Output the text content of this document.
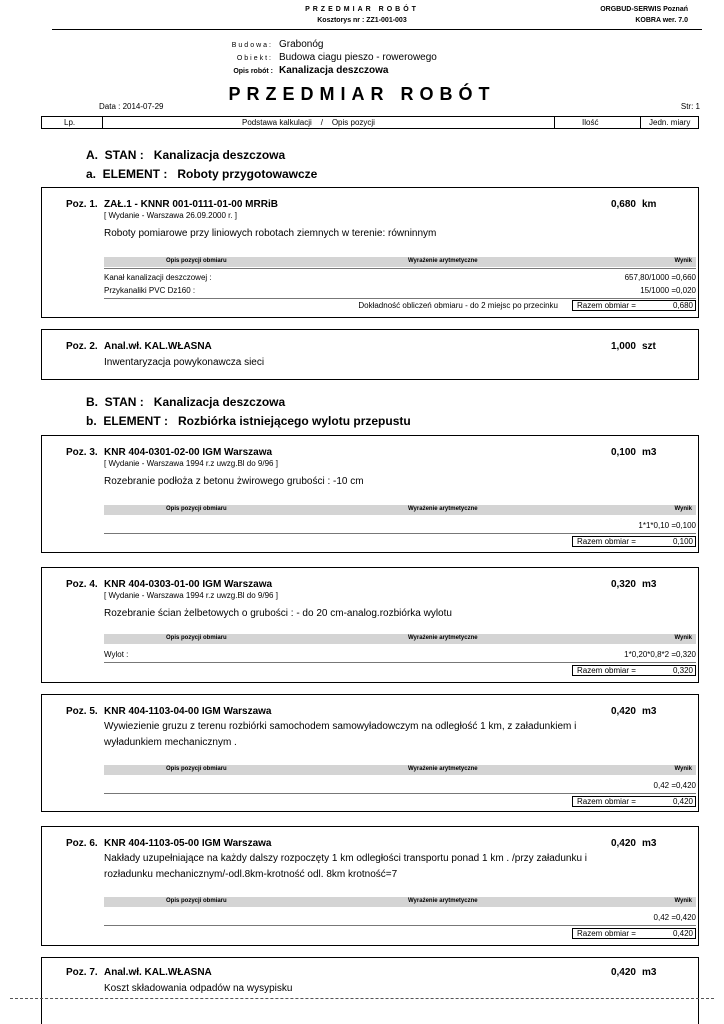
PRZEDMIAR ROBÓT
Kosztorys nr : ZZ1-001-003
ORGBUD-SERWIS Poznań
KOBRA wer. 7.0
Budowa: Grabonóg
Obiekt: Budowa ciagu pieszo - rowerowego
Opis robót : Kanalizacja deszczowa
PRZEDMIAR ROBÓT
Data : 2014-07-29	Str: 1
Lp.	Podstawa kalkulacji    /    Opis pozycji	Ilość	Jedn. miary
A.  STAN :   Kanalizacja deszczowa
a.  ELEMENT :   Roboty przygotowawcze
Poz. 1. ZAŁ.1 - KNNR 001-0111-01-00 MRRiB	0,680 km
[ Wydanie - Warszawa 26.09.2000 r. ]
Roboty pomiarowe przy liniowych robotach ziemnych w terenie: równinnym
Opis pozycji obmiaru	Wyrażenie arytmetyczne	Wynik
Kanał kanalizacji deszczowej :	657,80/1000 = 0,660
Przykanaliki PVC Dz160 :	15/1000 = 0,020
Dokładność obliczeń obmiaru - do 2 miejsc po przecinku Razem obmiar =	0,680
Poz. 2. Anal.wł. KAL.WŁASNA	1,000 szt
Inwentaryzacja powykonawcza sieci
B.  STAN :   Kanalizacja deszczowa
b.  ELEMENT :   Rozbiórka istniejącego wylotu przepustu
Poz. 3. KNR 404-0301-02-00 IGM Warszawa	0,100 m3
[ Wydanie - Warszawa 1994 r.z uwzg.Bl do 9/96 ]
Rozebranie podłoża z betonu żwirowego grubości : -10 cm
Opis pozycji obmiaru	Wyrażenie arytmetyczne	Wynik
1*1*0,10 = 0,100
Razem obmiar =	0,100
Poz. 4. KNR 404-0303-01-00 IGM Warszawa	0,320 m3
[ Wydanie - Warszawa 1994 r.z uwzg.Bl do 9/96 ]
Rozebranie ścian żelbetowych o grubości : - do 20 cm-analog.rozbiórka wylotu
Opis pozycji obmiaru	Wyrażenie arytmetyczne	Wynik
Wylot :	1*0,20*0,8*2 = 0,320
Razem obmiar =	0,320
Poz. 5. KNR 404-1103-04-00 IGM Warszawa	0,420 m3
Wywiezienie gruzu z terenu rozbiórki samochodem samowyładowczym na odległość 1 km, z załadunkiem i
wyładunkiem mechanicznym .
Opis pozycji obmiaru	Wyrażenie arytmetyczne	Wynik
0,42 = 0,420
Razem obmiar =	0,420
Poz. 6. KNR 404-1103-05-00 IGM Warszawa	0,420 m3
Nakłady uzupełniające na każdy dalszy rozpoczęty 1 km odległości transportu ponad 1 km . /przy załadunku i
rozładunku mechanicznym/-odl.8km-krotność odl. 8km krotność=7
Opis pozycji obmiaru	Wyrażenie arytmetyczne	Wynik
0,42 = 0,420
Razem obmiar =	0,420
Poz. 7. Anal.wł. KAL.WŁASNA	0,420 m3
Koszt składowania odpadów na wysypisku
